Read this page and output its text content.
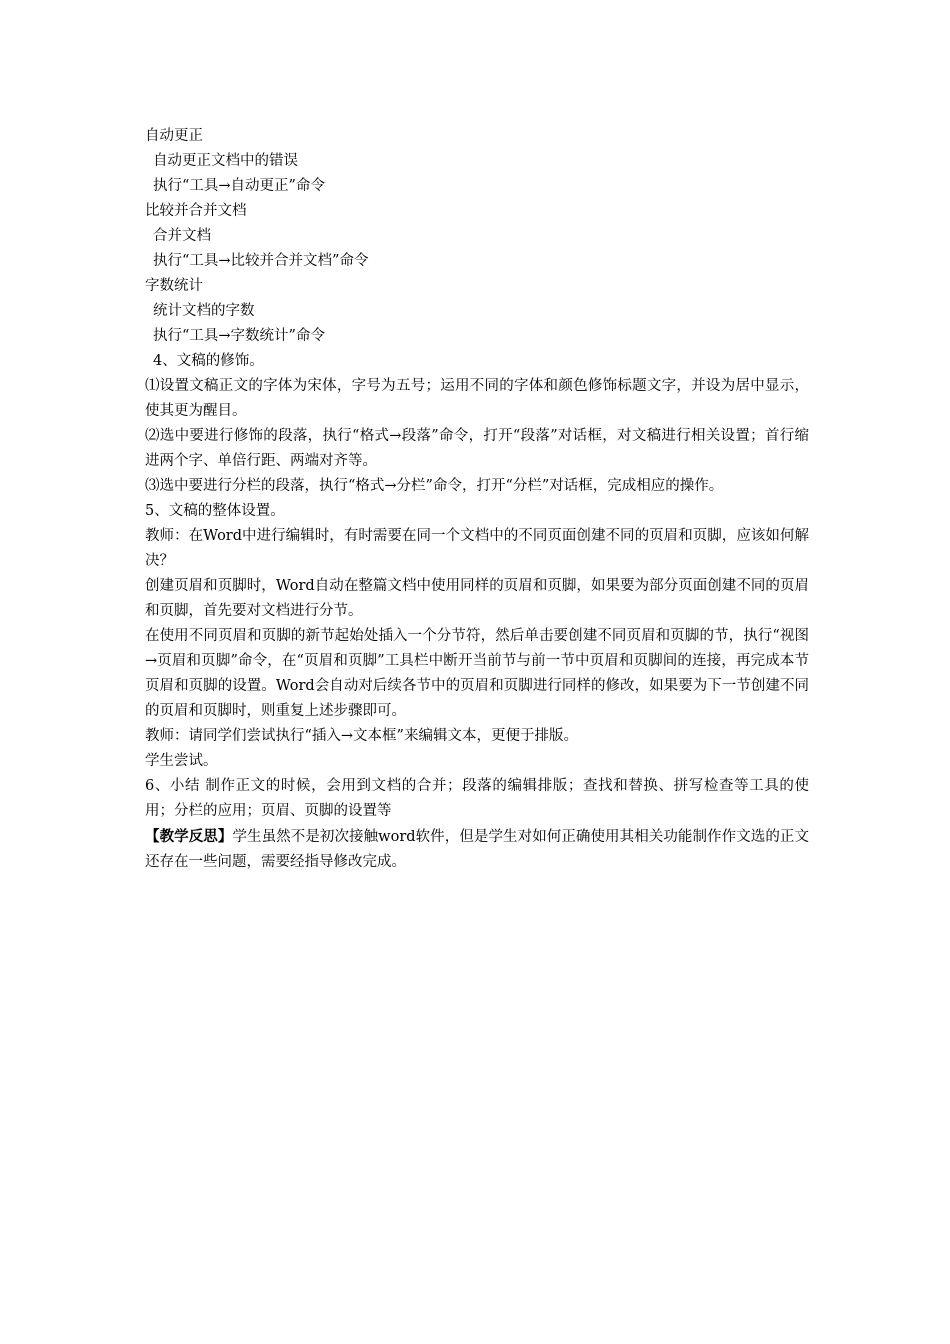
自动更正
自动更正文档中的错误
执行“工具→自动更正”命令
比较并合并文档
合并文档
执行“工具→比较并合并文档”命令
字数统计
统计文档的字数
执行“工具→字数统计”命令
4、文稿的修饰。
⑴设置文稿正文的字体为宋体，字号为五号；运用不同的字体和颜色修饰标题文字，并设为居中显示，使其更为醒目。
⑵选中要进行修饰的段落，执行“格式→段落”命令，打开“段落”对话框，对文稿进行相关设置；首行缩进两个字、单倍行距、两端对齐等。
⑶选中要进行分栏的段落，执行“格式→分栏”命令，打开“分栏”对话框，完成相应的操作。
5、文稿的整体设置。
教师：在Word中进行编辑时，有时需要在同一个文档中的不同页面创建不同的页眉和页脚，应该如何解决？
创建页眉和页脚时，Word自动在整篇文档中使用同样的页眉和页脚，如果要为部分页面创建不同的页眉和页脚，首先要对文档进行分节。
在使用不同页眉和页脚的新节起始处插入一个分节符，然后单击要创建不同页眉和页脚的节，执行“视图→页眉和页脚”命令，在“页眉和页脚”工具栏中断开当前节与前一节中页眉和页脚间的连接，再完成本节页眉和页脚的设置。Word会自动对后续各节中的页眉和页脚进行同样的修改，如果要为下一节创建不同的页眉和页脚时，则重复上述步骤即可。
教师：请同学们尝试执行“插入→文本框”来编辑文本，更便于排版。
学生尝试。
6、小结 制作正文的时候，会用到文档的合并；段落的编辑排版；查找和替换、拼写检查等工具的使用；分栏的应用；页眉、页脚的设置等
【教学反思】学生虽然不是初次接触word软件，但是学生对如何正确使用其相关功能制作作文选的正文还存在一些问题，需要经指导修改完成。
